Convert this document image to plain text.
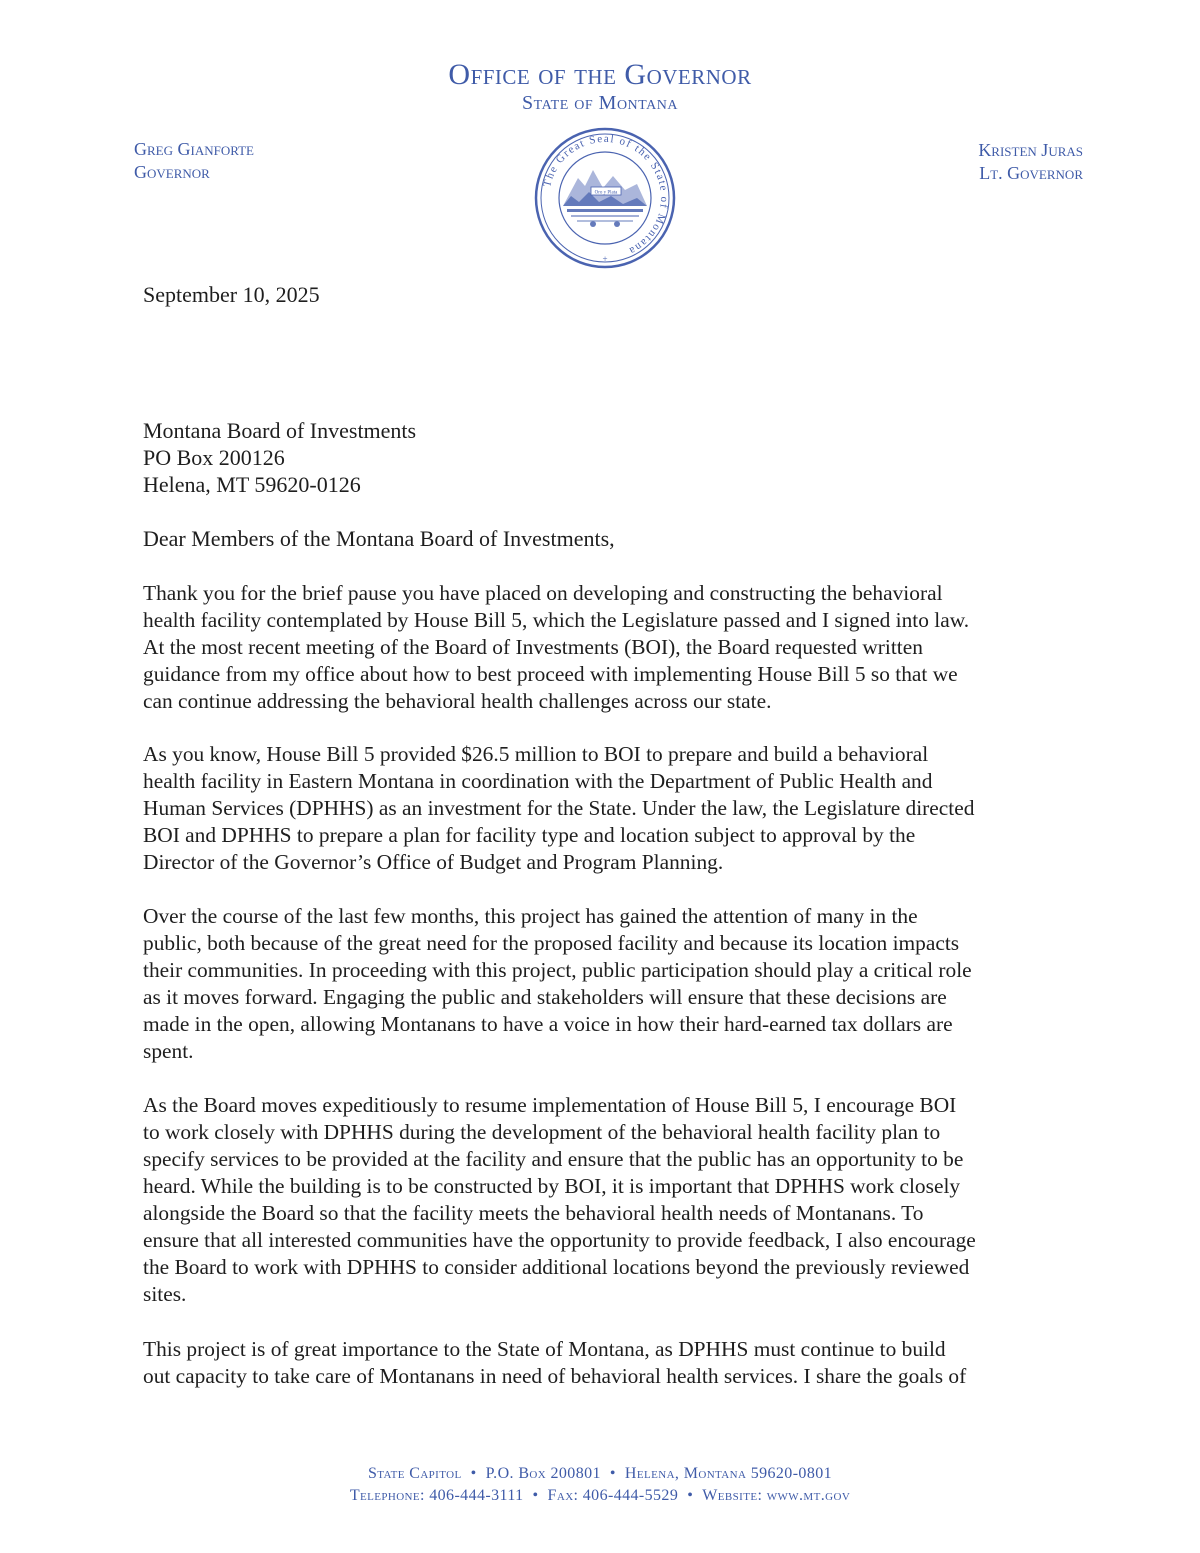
Office of the Governor
State of Montana
Greg Gianforte
Governor
Kristen Juras
Lt. Governor
The Great Seal of the State of Montana
Oro y Plata
+
September 10, 2025
Montana Board of Investments
PO Box 200126
Helena, MT 59620-0126
Dear Members of the Montana Board of Investments,
Thank you for the brief pause you have placed on developing and constructing the behavioral
health facility contemplated by House Bill 5, which the Legislature passed and I signed into law.
At the most recent meeting of the Board of Investments (BOI), the Board requested written
guidance from my office about how to best proceed with implementing House Bill 5 so that we
can continue addressing the behavioral health challenges across our state.
As you know, House Bill 5 provided $26.5 million to BOI to prepare and build a behavioral
health facility in Eastern Montana in coordination with the Department of Public Health and
Human Services (DPHHS) as an investment for the State. Under the law, the Legislature directed
BOI and DPHHS to prepare a plan for facility type and location subject to approval by the
Director of the Governor’s Office of Budget and Program Planning.
Over the course of the last few months, this project has gained the attention of many in the
public, both because of the great need for the proposed facility and because its location impacts
their communities. In proceeding with this project, public participation should play a critical role
as it moves forward. Engaging the public and stakeholders will ensure that these decisions are
made in the open, allowing Montanans to have a voice in how their hard-earned tax dollars are
spent.
As the Board moves expeditiously to resume implementation of House Bill 5, I encourage BOI
to work closely with DPHHS during the development of the behavioral health facility plan to
specify services to be provided at the facility and ensure that the public has an opportunity to be
heard. While the building is to be constructed by BOI, it is important that DPHHS work closely
alongside the Board so that the facility meets the behavioral health needs of Montanans. To
ensure that all interested communities have the opportunity to provide feedback, I also encourage
the Board to work with DPHHS to consider additional locations beyond the previously reviewed
sites.
This project is of great importance to the State of Montana, as DPHHS must continue to build
out capacity to take care of Montanans in need of behavioral health services. I share the goals of
State Capitol • P.O. Box 200801 • Helena, Montana 59620-0801
Telephone: 406-444-3111 • Fax: 406-444-5529 • Website: www.mt.gov
